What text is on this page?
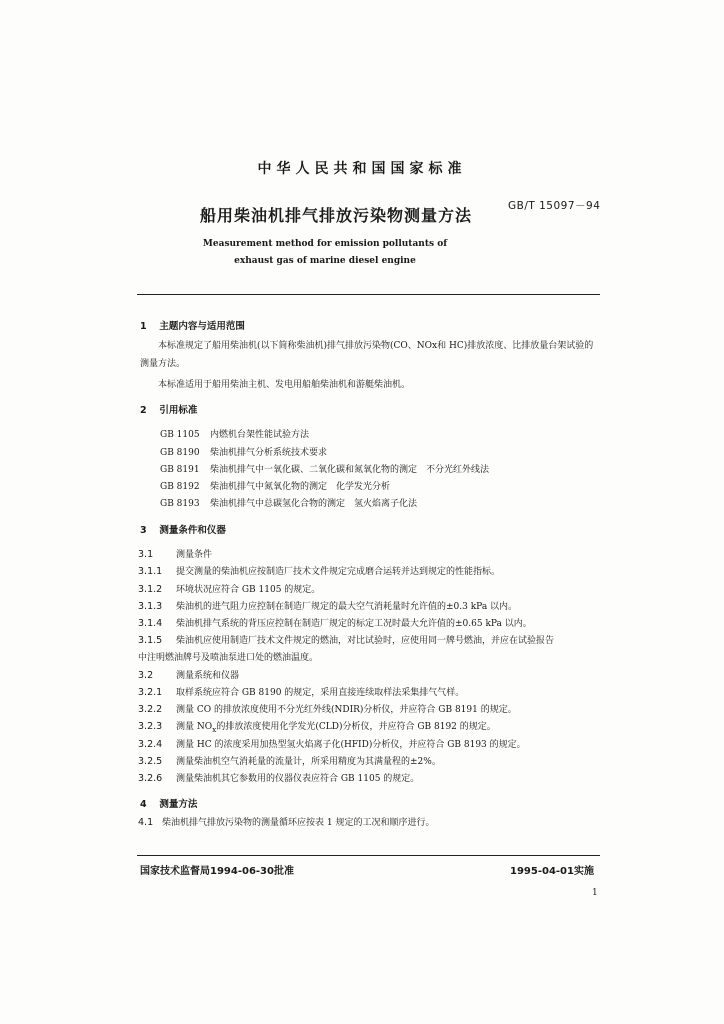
中华人民共和国国家标准
船用柴油机排气排放污染物测量方法	GB/T 15097－94
Measurement method for emission pollutants of
exhaust gas of marine diesel engine
1 主题内容与适用范围
本标准规定了船用柴油机(以下简称柴油机)排气排放污染物(CO、NOx和 HC)排放浓度、比排放量台架试验的测量方法。
本标准适用于船用柴油主机、发电用船舶柴油机和游艇柴油机。
2 引用标准
GB 1105 内燃机台架性能试验方法
GB 8190 柴油机排气分析系统技术要求
GB 8191 柴油机排气中一氧化碳、二氧化碳和氮氧化物的测定　不分光红外线法
GB 8192 柴油机排气中氮氧化物的测定　化学发光分析
GB 8193 柴油机排气中总碳氢化合物的测定　氢火焰离子化法
3 测量条件和仪器
3.1	测量条件
3.1.1 提交测量的柴油机应按制造厂技术文件规定完成磨合运转并达到规定的性能指标。
3.1.2 环境状况应符合 GB 1105 的规定。
3.1.3 柴油机的进气阻力应控制在制造厂规定的最大空气消耗量时允许值的±0.3 kPa 以内。
3.1.4 柴油机排气系统的背压应控制在制造厂规定的标定工况时最大允许值的±0.65 kPa 以内。
3.1.5 柴油机应使用制造厂技术文件规定的燃油，对比试验时，应使用同一牌号燃油，并应在试验报告
中注明燃油牌号及喷油泵进口处的燃油温度。
3.2	测量系统和仪器
3.2.1 取样系统应符合 GB 8190 的规定，采用直接连续取样法采集排气气样。
3.2.2 测量 CO 的排放浓度使用不分光红外线(NDIR)分析仪，并应符合 GB 8191 的规定。
3.2.3 测量 $NO_x$的排放浓度使用化学发光(CLD)分析仪，并应符合 GB 8192 的规定。
3.2.4 测量 HC 的浓度采用加热型氢火焰离子化(HFID)分析仪，并应符合 GB 8193 的规定。
3.2.5 测量柴油机空气消耗量的流量计，所采用精度为其满量程的±2%。
3.2.6 测量柴油机其它参数用的仪器仪表应符合 GB 1105 的规定。
4 测量方法
4.1 柴油机排气排放污染物的测量循环应按表 1 规定的工况和顺序进行。
国家技术监督局1994-06-30批准	1995-04-01实施
1
